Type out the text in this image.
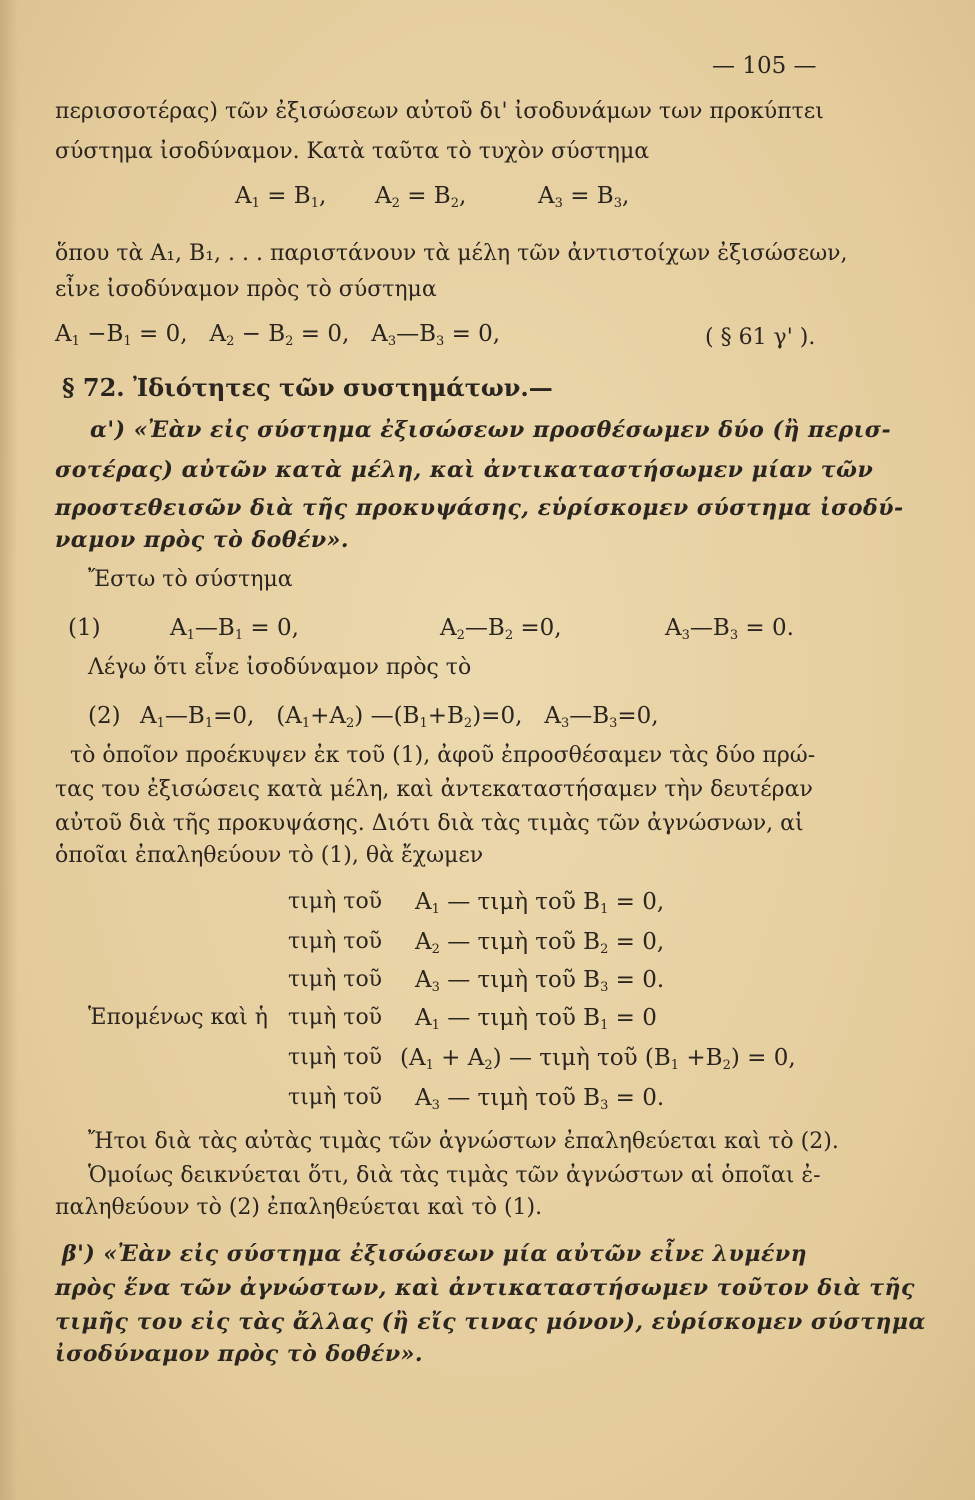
— 105 —
περισσοτέρας) τῶν ἐξισώσεων αὐτοῦ δι' ἰσοδυνάμων των προκύπτει
σύστημα ἰσοδύναμον. Κατὰ ταῦτα τὸ τυχὸν σύστημα
$A_1 = B_1$, $A_2 = B_2$,	$A_3 = B_3$,
ὅπου τὰ Α₁, Β₁, . . . παριστάνουν τὰ μέλη τῶν ἀντιστοίχων ἐξισώσεων,
εἶνε ἰσοδύναμον πρὸς τὸ σύστημα
$A_1 -B_1 = 0$,   $A_2 - B_2 = 0$,   $A_3—B_3 = 0$,	( § 61 γ' ).
§ 72. Ἰδιότητες τῶν συστημάτων.—
α') «Ἐὰν εἰς σύστημα ἐξισώσεων προσθέσωμεν δύο (ἢ περισ-
σοτέρας) αὐτῶν κατὰ μέλη, καὶ ἀντικαταστήσωμεν μίαν τῶν
προστεθεισῶν διὰ τῆς προκυψάσης, εὑρίσκομεν σύστημα ἰσοδύ-
ναμον πρὸς τὸ δοθέν».
Ἔστω τὸ σύστημα
(1)	$A_1—B_1 = 0$,	$A_2—B_2 =0$,	$A_3—B_3 = 0$.
Λέγω ὅτι εἶνε ἰσοδύναμον πρὸς τὸ
(2) $A_1—B_1=0$,   $(A_1+A_2)$ $—(B_1+B_2)=0$,   $A_3—B_3=0$,
τὸ ὁποῖον προέκυψεν ἐκ τοῦ (1), ἀφοῦ ἐπροσθέσαμεν τὰς δύο πρώ-
τας του ἐξισώσεις κατὰ μέλη, καὶ ἀντεκαταστήσαμεν τὴν δευτέραν
αὐτοῦ διὰ τῆς προκυψάσης. Διότι διὰ τὰς τιμὰς τῶν ἀγνώσνων, αἱ
ὁποῖαι ἐπαληθεύουν τὸ (1), θὰ ἔχωμεν
τιμὴ τοῦ $A_1$ — τιμὴ τοῦ $B_1 = 0$,
τιμὴ τοῦ $A_2$ — τιμὴ τοῦ $B_2 = 0$,
τιμὴ τοῦ $A_3$ — τιμὴ τοῦ $B_3 = 0$.
Ἑπομένως καὶ ἡ τιμὴ τοῦ $A_1$ — τιμὴ τοῦ $B_1 = 0$
τιμὴ τοῦ $(A_1 + A_2)$ — τιμὴ τοῦ $(B_1 +B_2) = 0$,
τιμὴ τοῦ $A_3$ — τιμὴ τοῦ $B_3 = 0$.
Ἤτοι διὰ τὰς αὐτὰς τιμὰς τῶν ἀγνώστων ἐπαληθεύεται καὶ τὸ (2).
Ὁμοίως δεικνύεται ὅτι, διὰ τὰς τιμὰς τῶν ἀγνώστων αἱ ὁποῖαι ἐ-
παληθεύουν τὸ (2) ἐπαληθεύεται καὶ τὸ (1).
β') «Ἐὰν εἰς σύστημα ἐξισώσεων μία αὐτῶν εἶνε λυμένη
πρὸς ἕνα τῶν ἀγνώστων, καὶ ἀντικαταστήσωμεν τοῦτον διὰ τῆς
τιμῆς του εἰς τὰς ἄλλας (ἢ εἴς τινας μόνον), εὑρίσκομεν σύστημα
ἰσοδύναμον πρὸς τὸ δοθέν».
